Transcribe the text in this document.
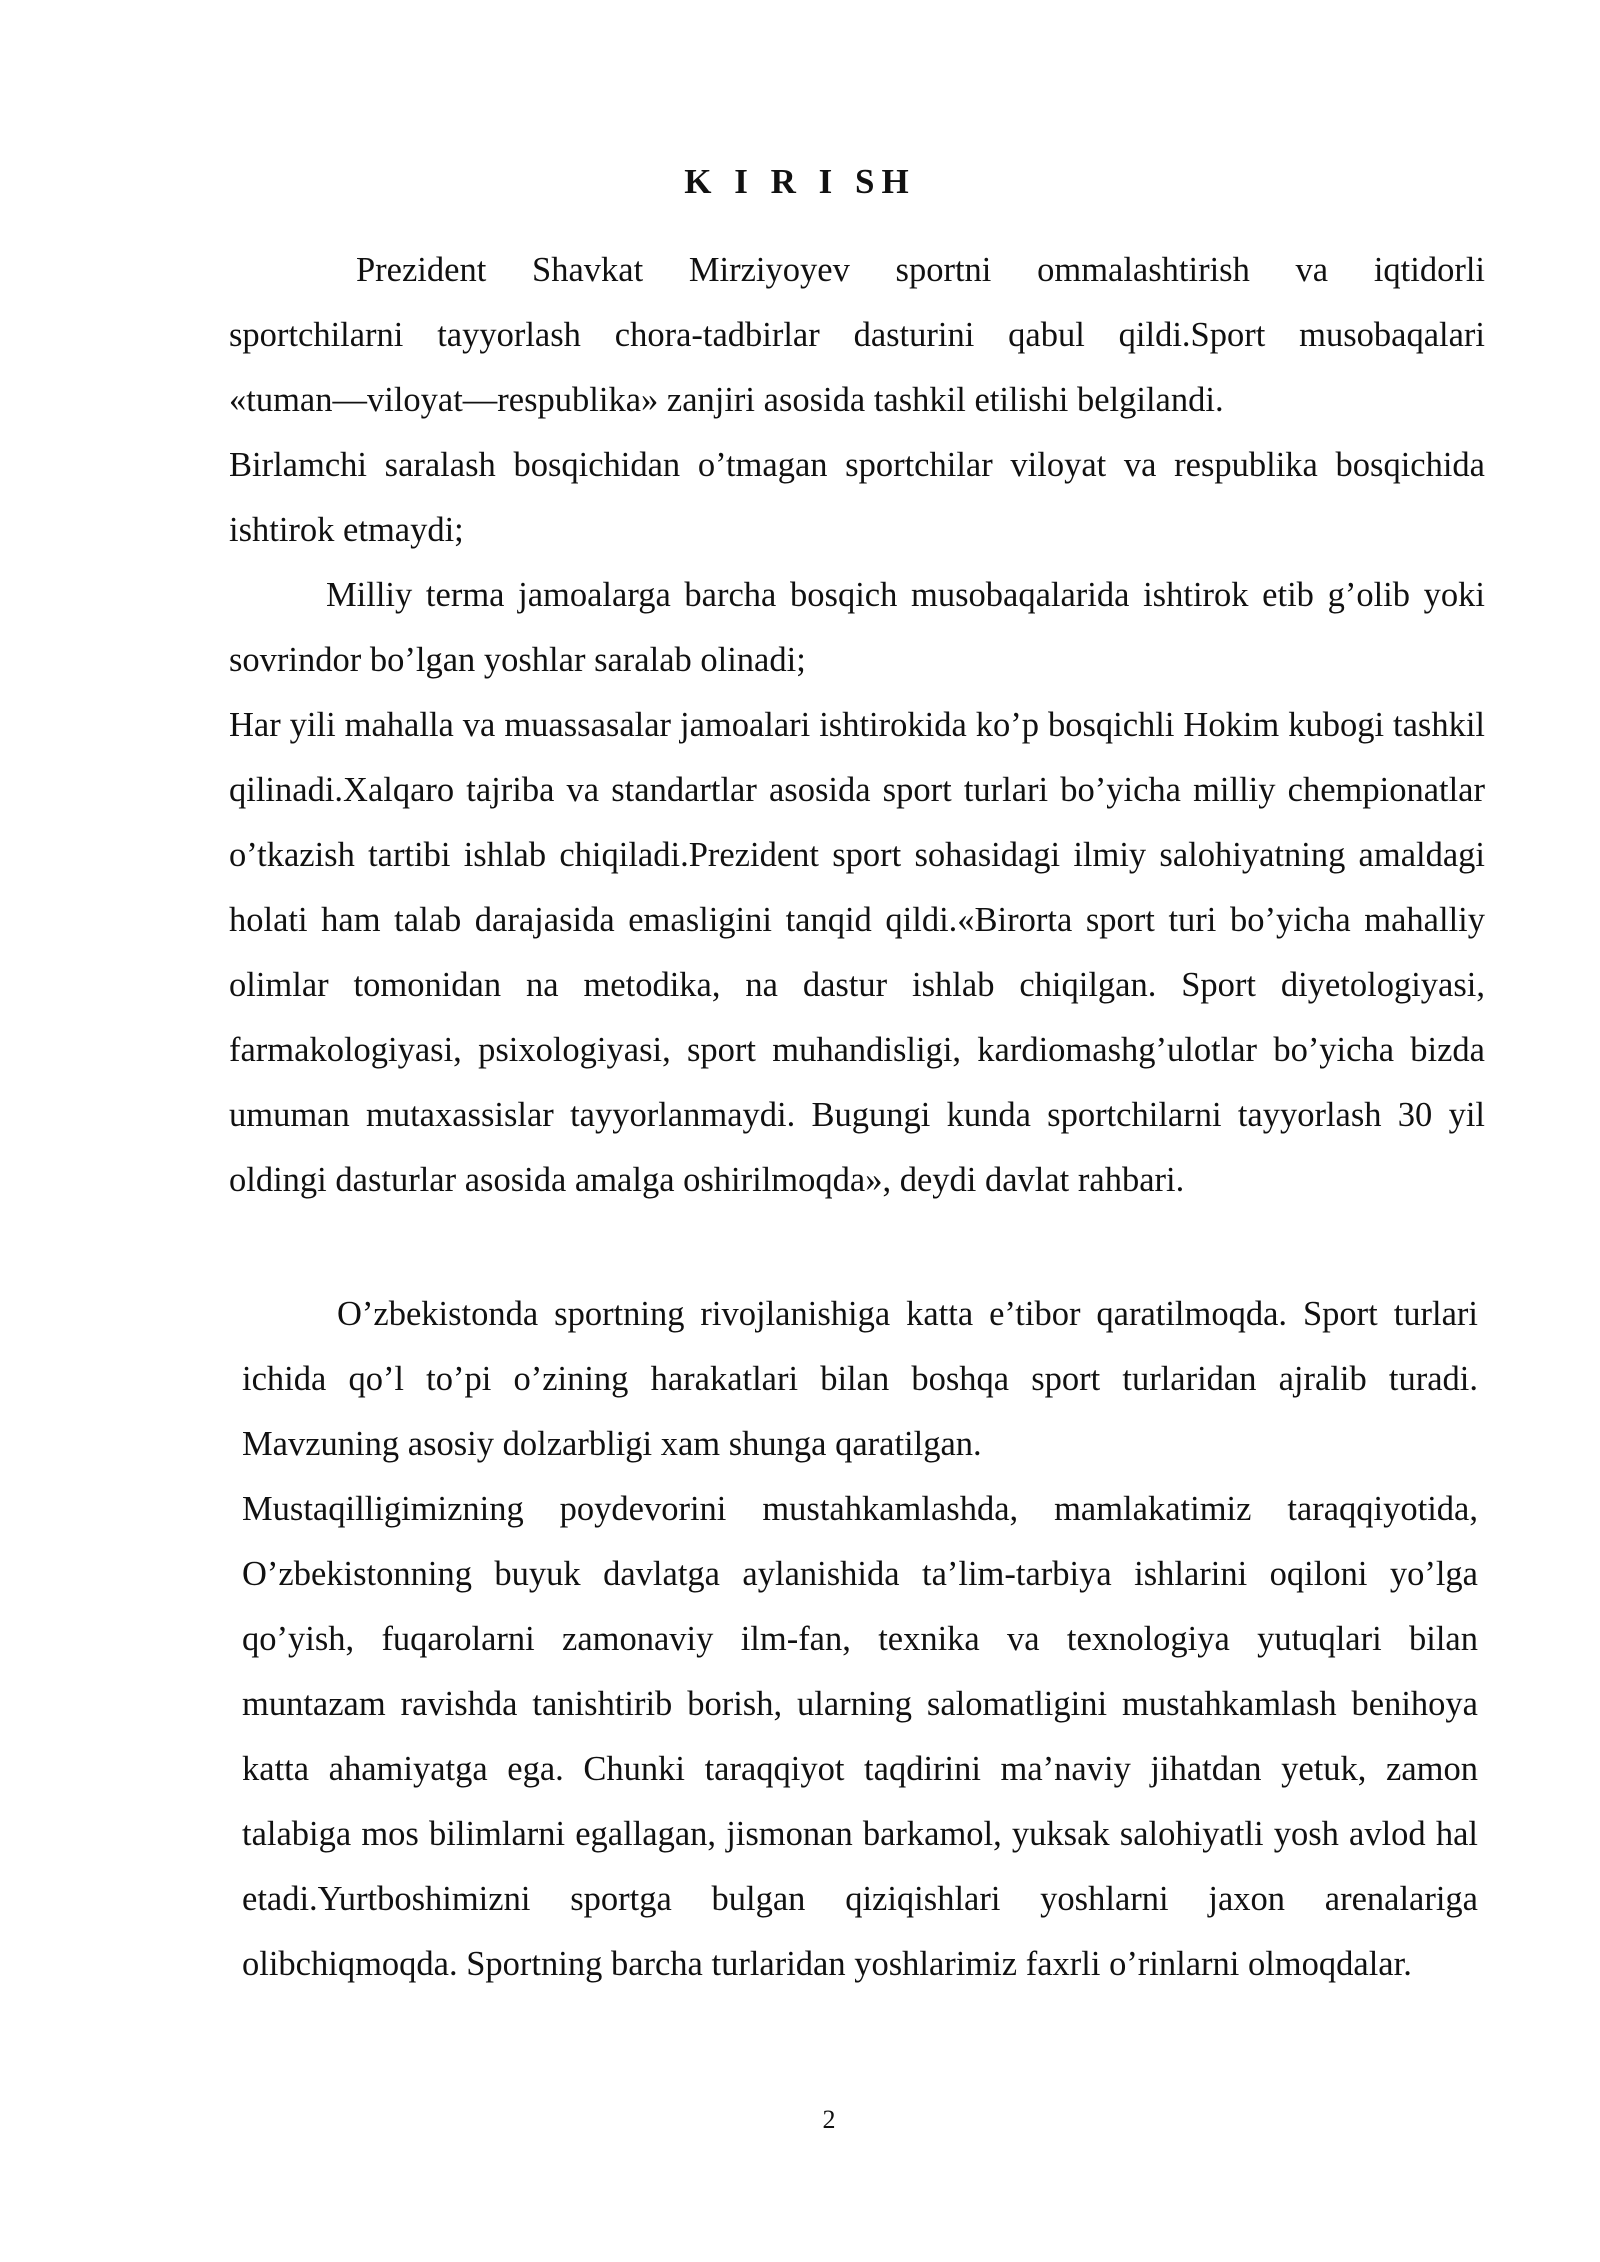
K I R I SH

Prezident Shavkat Mirziyoyev sportni ommalashtirish va iqtidorli

sportchilarni tayyorlash chora-tadbirlar dasturini qabul qildi.Sport musobaqalari

«tuman—viloyat—respublika» zanjiri asosida tashkil etilishi belgilandi.

Birlamchi saralash bosqichidan o’tmagan sportchilar viloyat va respublika bosqichida ishtirok etmaydi;

Milliy terma jamoalarga barcha bosqich musobaqalarida ishtirok etib g’olib yoki sovrindor bo’lgan yoshlar saralab olinadi;

Har yili mahalla va muassasalar jamoalari ishtirokida ko’p bosqichli Hokim kubogi tashkil qilinadi.Xalqaro tajriba va standartlar asosida sport turlari bo’yicha milliy chempionatlar o’tkazish tartibi ishlab chiqiladi.Prezident sport sohasidagi ilmiy salohiyatning amaldagi holati ham talab darajasida emasligini tanqid qildi.«Birorta sport turi bo’yicha mahalliy olimlar tomonidan na metodika, na dastur ishlab chiqilgan. Sport diyetologiyasi, farmakologiyasi, psixologiyasi, sport muhandisligi, kardiomashg’ulotlar bo’yicha bizda umuman mutaxassislar tayyorlanmaydi. Bugungi kunda sportchilarni tayyorlash 30 yil oldingi dasturlar asosida amalga oshirilmoqda», deydi davlat rahbari.

O’zbekistonda sportning rivojlanishiga katta e’tibor qaratilmoqda. Sport turlari ichida qo’l to’pi o’zining harakatlari bilan boshqa sport turlaridan ajralib turadi. Mavzuning asosiy dolzarbligi xam shunga qaratilgan.

Mustaqilligimizning poydevorini mustahkamlashda, mamlakatimiz taraqqiyotida, O’zbekistonning buyuk davlatga aylanishida ta’lim-tarbiya ishlarini oqiloni yo’lga qo’yish, fuqarolarni zamonaviy ilm-fan, texnika va texnologiya yutuqlari bilan muntazam ravishda tanishtirib borish, ularning salomatligini mustahkamlash benihoya katta ahamiyatga ega. Chunki taraqqiyot taqdirini ma’naviy jihatdan yetuk, zamon talabiga mos bilimlarni egallagan, jismonan barkamol, yuksak salohiyatli yosh avlod hal etadi.Yurtboshimizni sportga bulgan qiziqishlari yoshlarni jaxon arenalariga olibchiqmoqda. Sportning barcha turlaridan yoshlarimiz faxrli o’rinlarni olmoqdalar.

2
